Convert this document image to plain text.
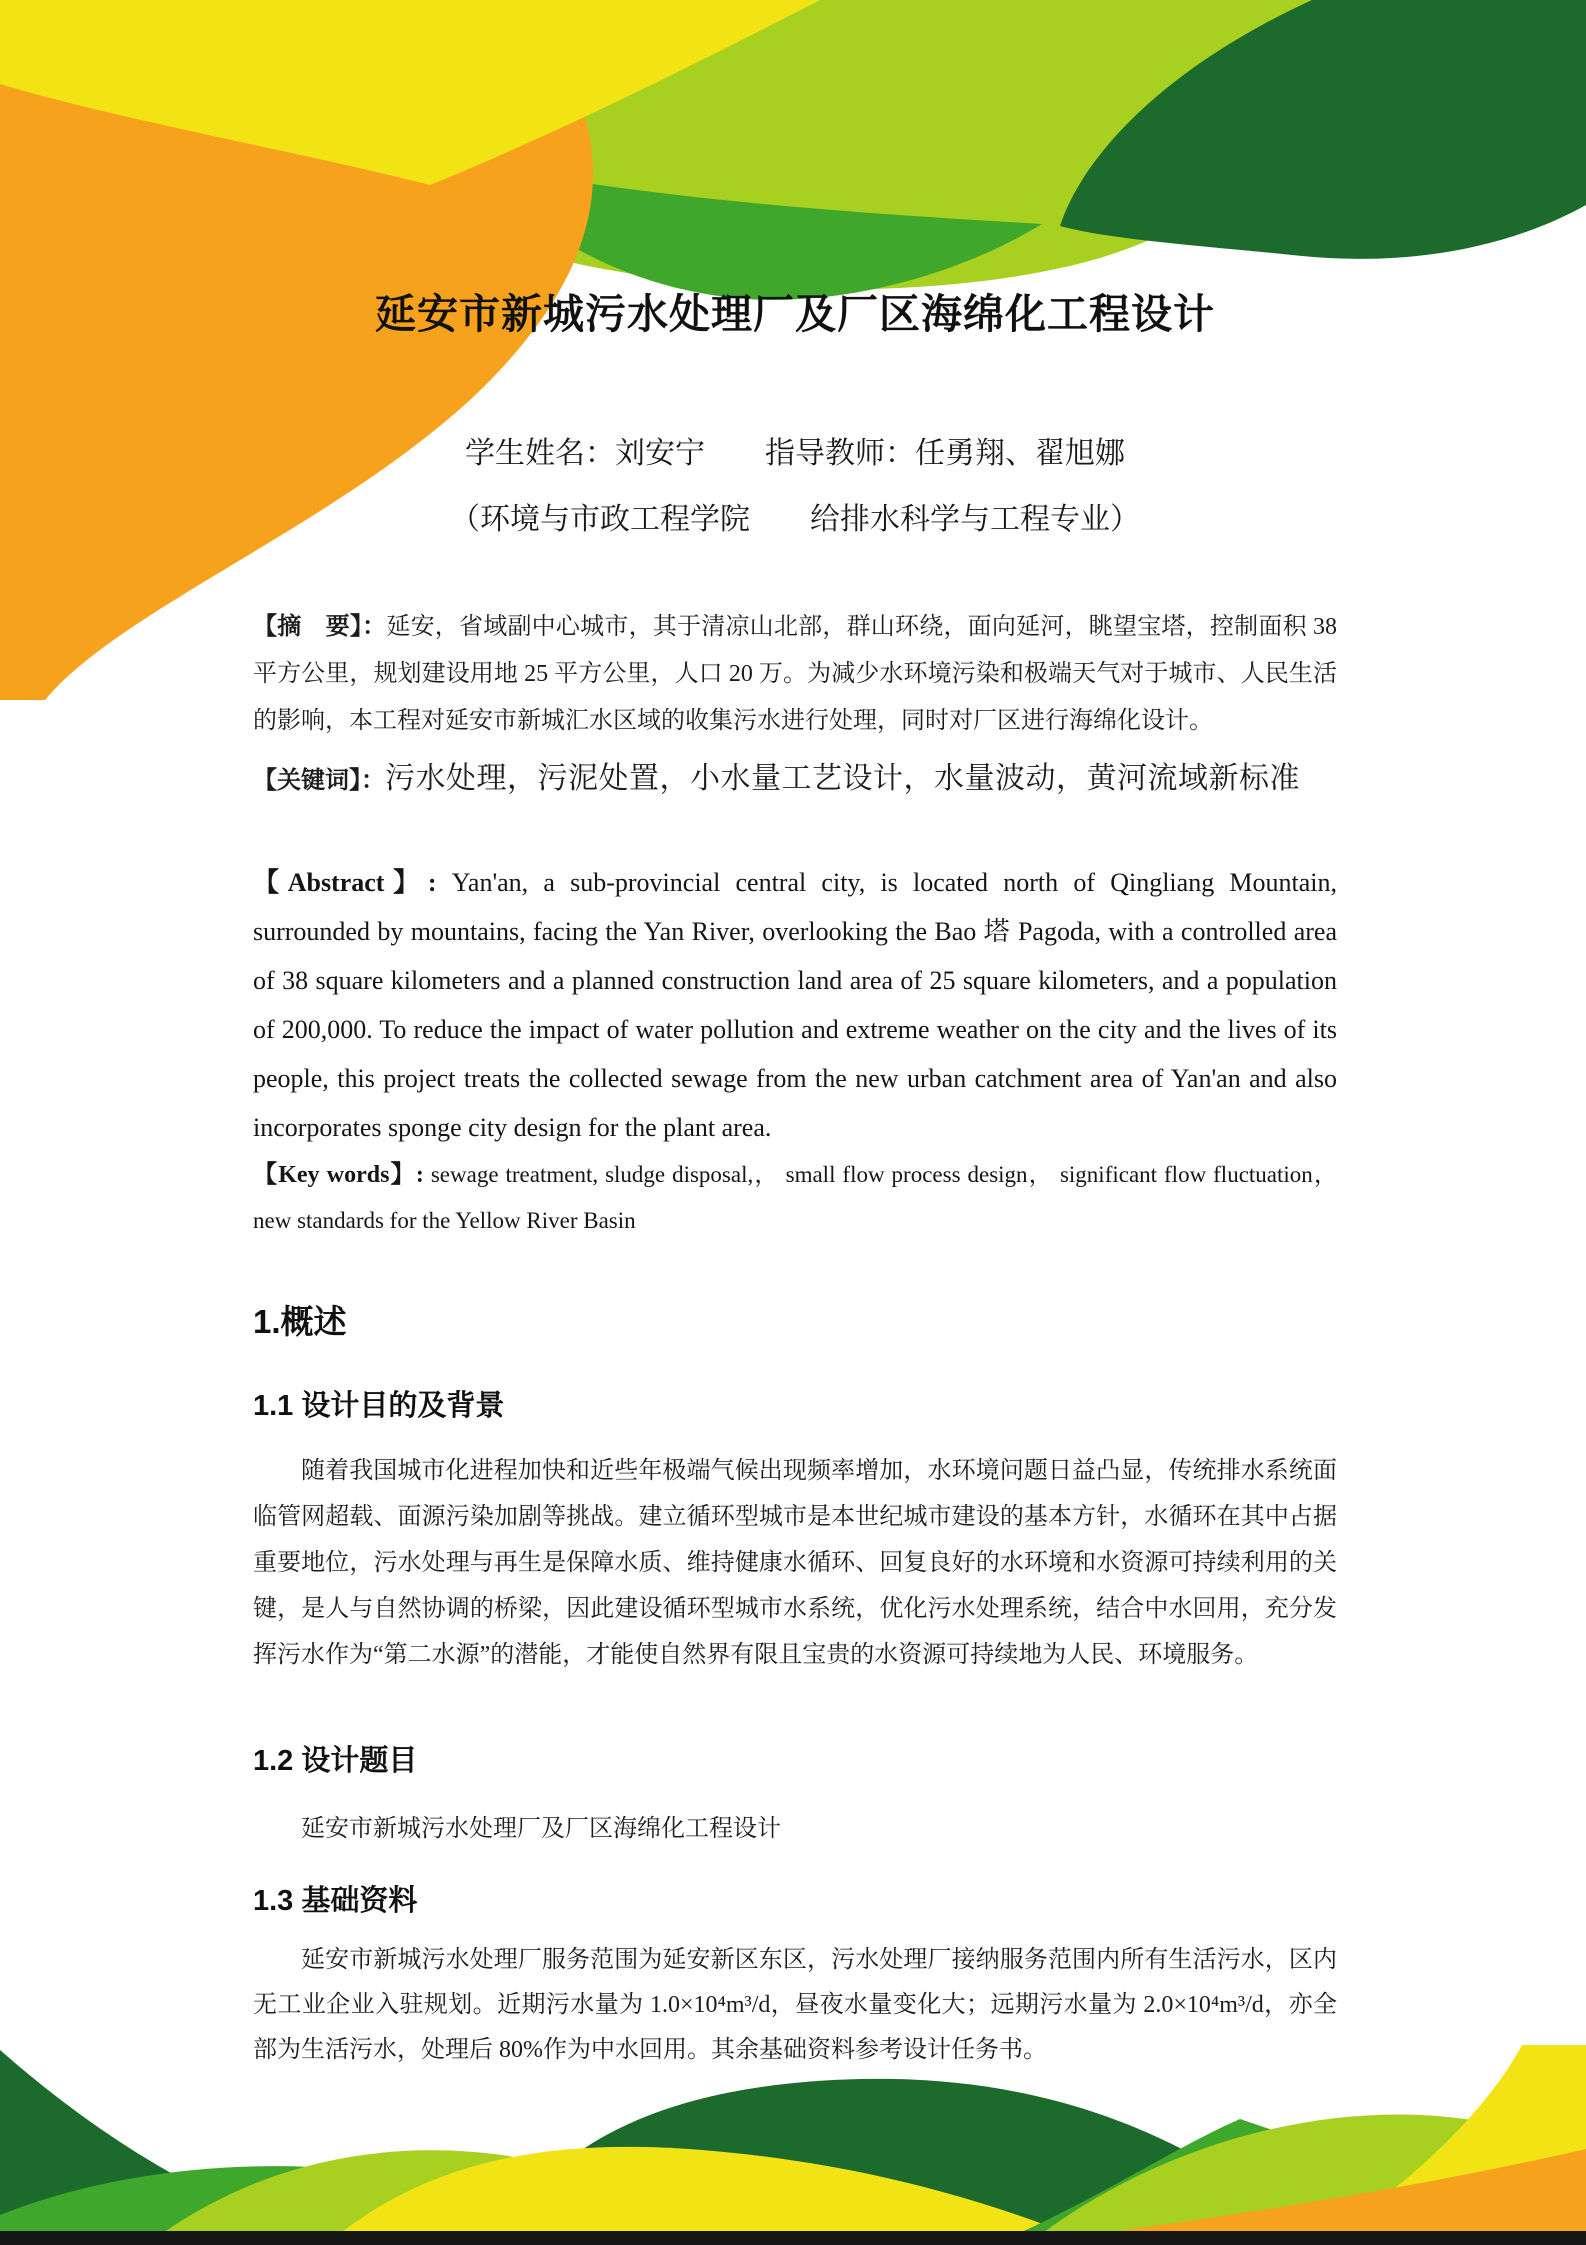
延安市新城污水处理厂及厂区海绵化工程设计
学生姓名：刘安宁　　指导教师：任勇翔、翟旭娜
（环境与市政工程学院　　给排水科学与工程专业）
【摘　要】：延安，省域副中心城市，其于清凉山北部，群山环绕，面向延河，眺望宝塔，控制面积 38 平方公里，规划建设用地 25 平方公里，人口 20 万。为减少水环境污染和极端天气对于城市、人民生活的影响，本工程对延安市新城汇水区域的收集污水进行处理，同时对厂区进行海绵化设计。
【关键词】：污水处理，污泥处置，小水量工艺设计，水量波动，黄河流域新标准
【Abstract】: Yan'an, a sub-provincial central city, is located north of Qingliang Mountain, surrounded by mountains, facing the Yan River, overlooking the Bao 塔 Pagoda, with a controlled area of 38 square kilometers and a planned construction land area of 25 square kilometers, and a population of 200,000. To reduce the impact of water pollution and extreme weather on the city and the lives of its people, this project treats the collected sewage from the new urban catchment area of Yan'an and also incorporates sponge city design for the plant area.
【Key words】: sewage treatment, sludge disposal,， small flow process design， significant flow fluctuation， new standards for the Yellow River Basin
1.概述
1.1 设计目的及背景
随着我国城市化进程加快和近些年极端气候出现频率增加，水环境问题日益凸显，传统排水系统面临管网超载、面源污染加剧等挑战。建立循环型城市是本世纪城市建设的基本方针，水循环在其中占据重要地位，污水处理与再生是保障水质、维持健康水循环、回复良好的水环境和水资源可持续利用的关键，是人与自然协调的桥梁，因此建设循环型城市水系统，优化污水处理系统，结合中水回用，充分发挥污水作为“第二水源”的潜能，才能使自然界有限且宝贵的水资源可持续地为人民、环境服务。
1.2 设计题目
延安市新城污水处理厂及厂区海绵化工程设计
1.3 基础资料
延安市新城污水处理厂服务范围为延安新区东区，污水处理厂接纳服务范围内所有生活污水，区内无工业企业入驻规划。近期污水量为 1.0×10⁴m³/d，昼夜水量变化大；远期污水量为 2.0×10⁴m³/d，亦全部为生活污水，处理后 80%作为中水回用。其余基础资料参考设计任务书。
